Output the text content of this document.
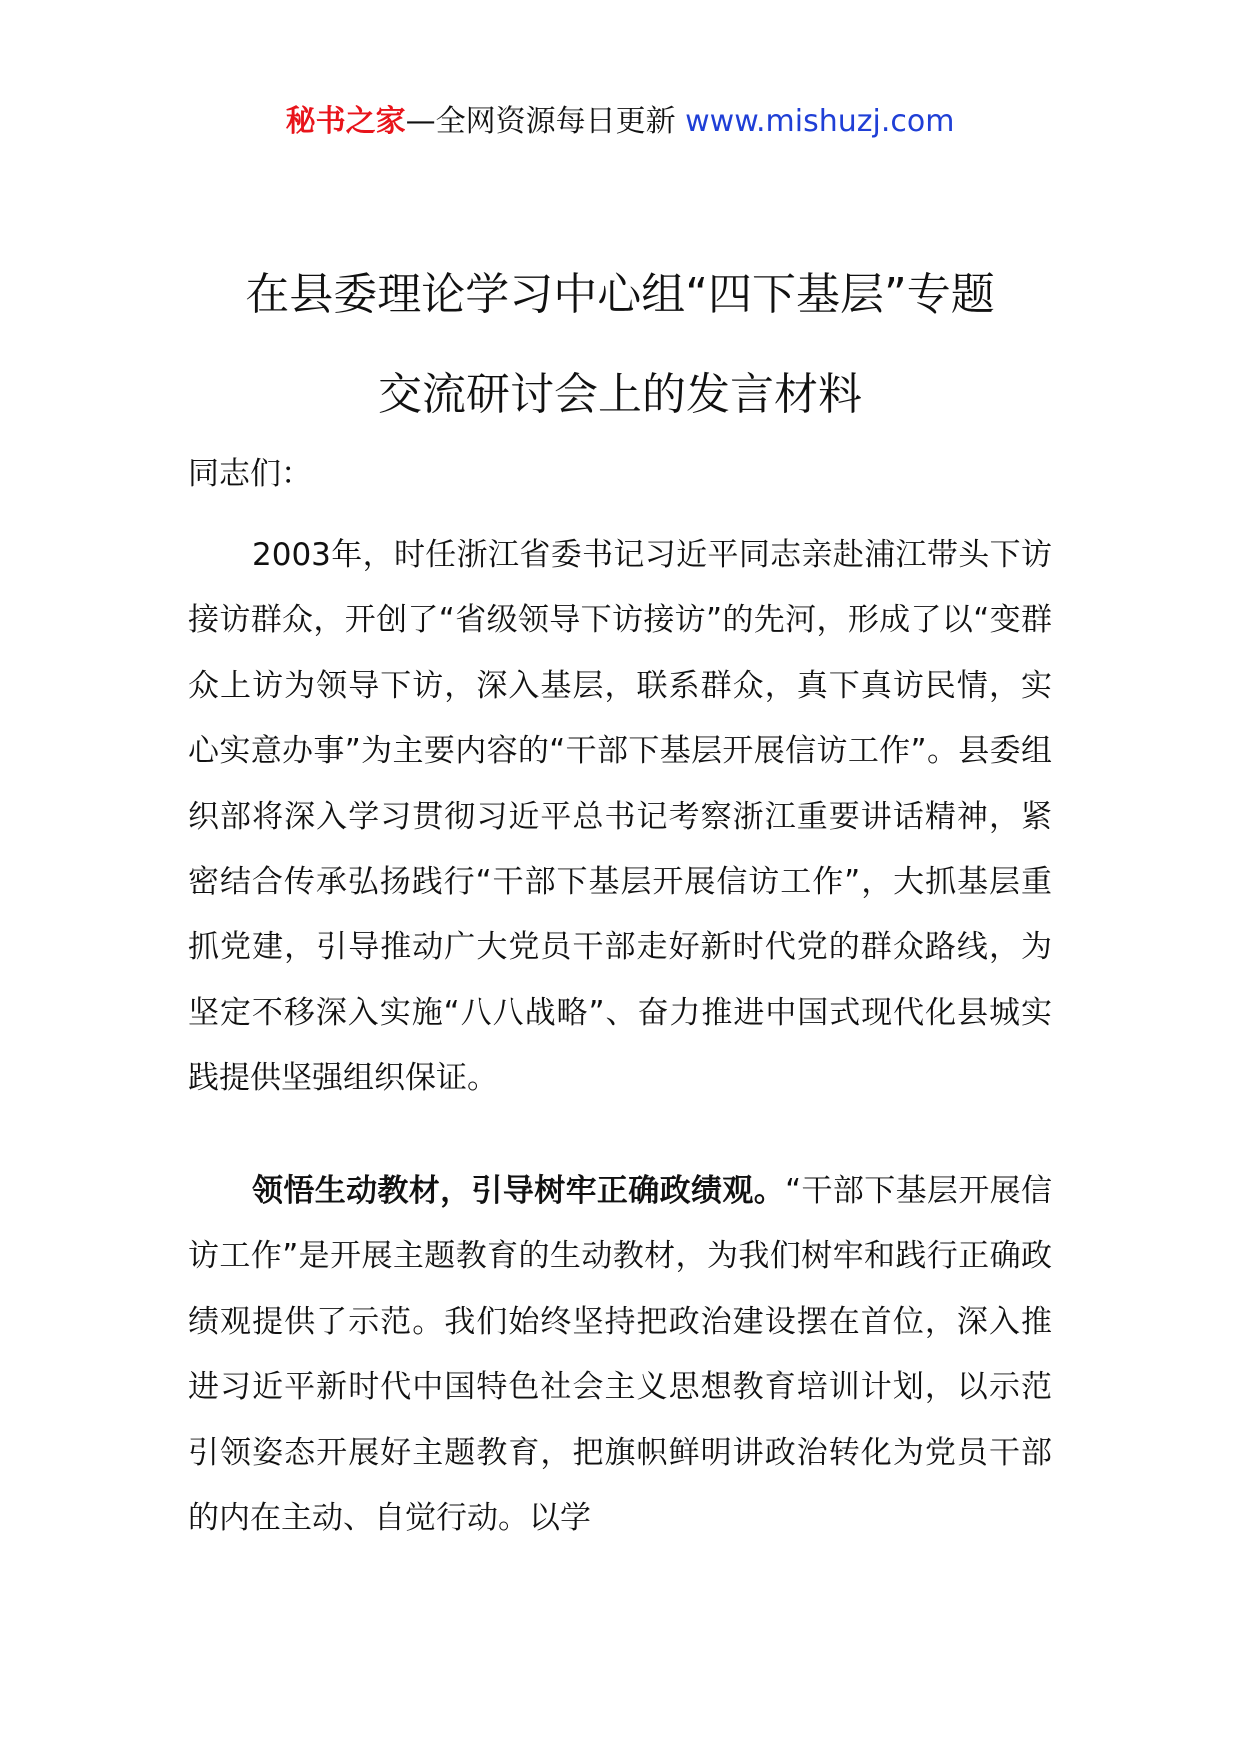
秘书之家—全网资源每日更新 www.mishuzj.com
在县委理论学习中心组“四下基层”专题
交流研讨会上的发言材料
同志们：

2003年，时任浙江省委书记习近平同志亲赴浦江带头下访接访群众，开创了“省级领导下访接访”的先河，形成了以“变群众上访为领导下访，深入基层，联系群众，真下真访民情，实心实意办事”为主要内容的“干部下基层开展信访工作”。县委组织部将深入学习贯彻习近平总书记考察浙江重要讲话精神，紧密结合传承弘扬践行“干部下基层开展信访工作”，大抓基层重抓党建，引导推动广大党员干部走好新时代党的群众路线，为坚定不移深入实施“八八战略”、奋力推进中国式现代化县城实践提供坚强组织保证。

领悟生动教材，引导树牢正确政绩观。“干部下基层开展信访工作”是开展主题教育的生动教材，为我们树牢和践行正确政绩观提供了示范。我们始终坚持把政治建设摆在首位，深入推进习近平新时代中国特色社会主义思想教育培训计划，以示范引领姿态开展好主题教育，把旗帜鲜明讲政治转化为党员干部的内在主动、自觉行动。以学
